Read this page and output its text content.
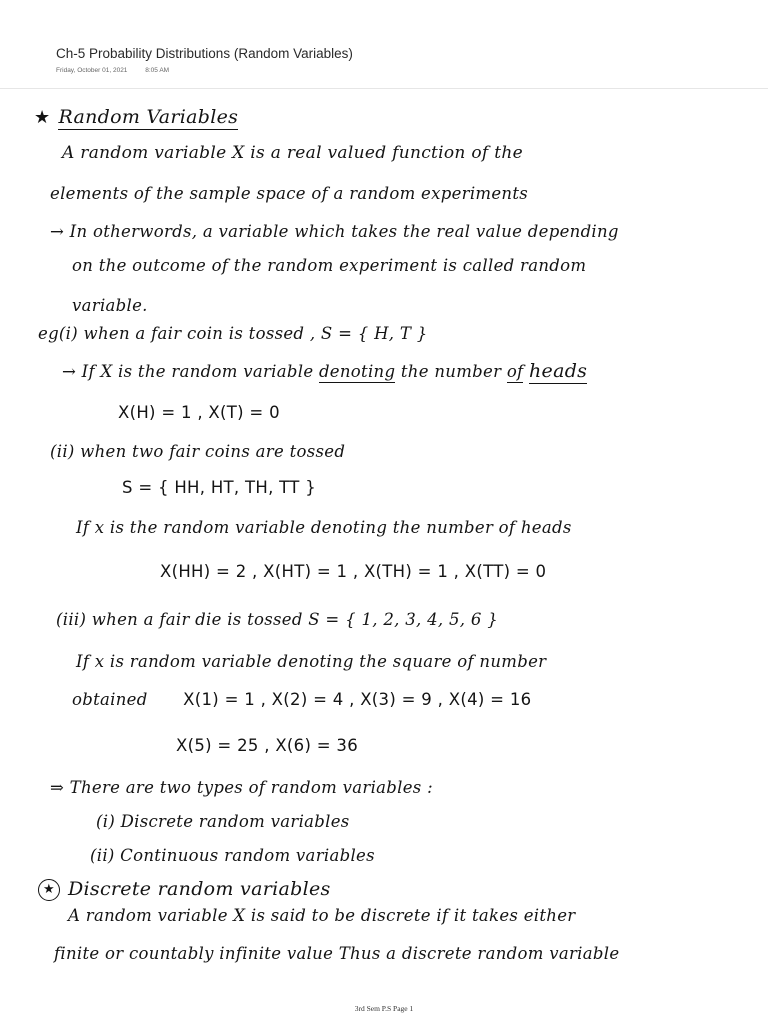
Ch-5 Probability Distributions (Random Variables)
Friday, October 01, 2021	8:05 AM
★ Random Variables
A random variable X is a real valued function of the
elements of the sample space of a random experiments
→ In otherwords, a variable which takes the real value depending
on the outcome of the random experiment is called random
variable.
eg(i) when a fair coin is tossed , S = { H, T }
→ If X is the random variable denoting the number of heads
X(H) = 1 , X(T) = 0
(ii) when two fair coins are tossed
S = { HH, HT, TH, TT }
If x is the random variable denoting the number of heads
X(HH) = 2 , X(HT) = 1 , X(TH) = 1 , X(TT) = 0
(iii) when a fair die is tossed S = { 1, 2, 3, 4, 5, 6 }
If x is random variable denoting the square of number
obtained X(1) = 1 , X(2) = 4 , X(3) = 9 , X(4) = 16
X(5) = 25 , X(6) = 36
⇒ There are two types of random variables :
(i) Discrete random variables
(ii) Continuous random variables
★ Discrete random variables
A random variable X is said to be discrete if it takes either
finite or countably infinite value Thus a discrete random variable
3rd Sem P.S Page 1
